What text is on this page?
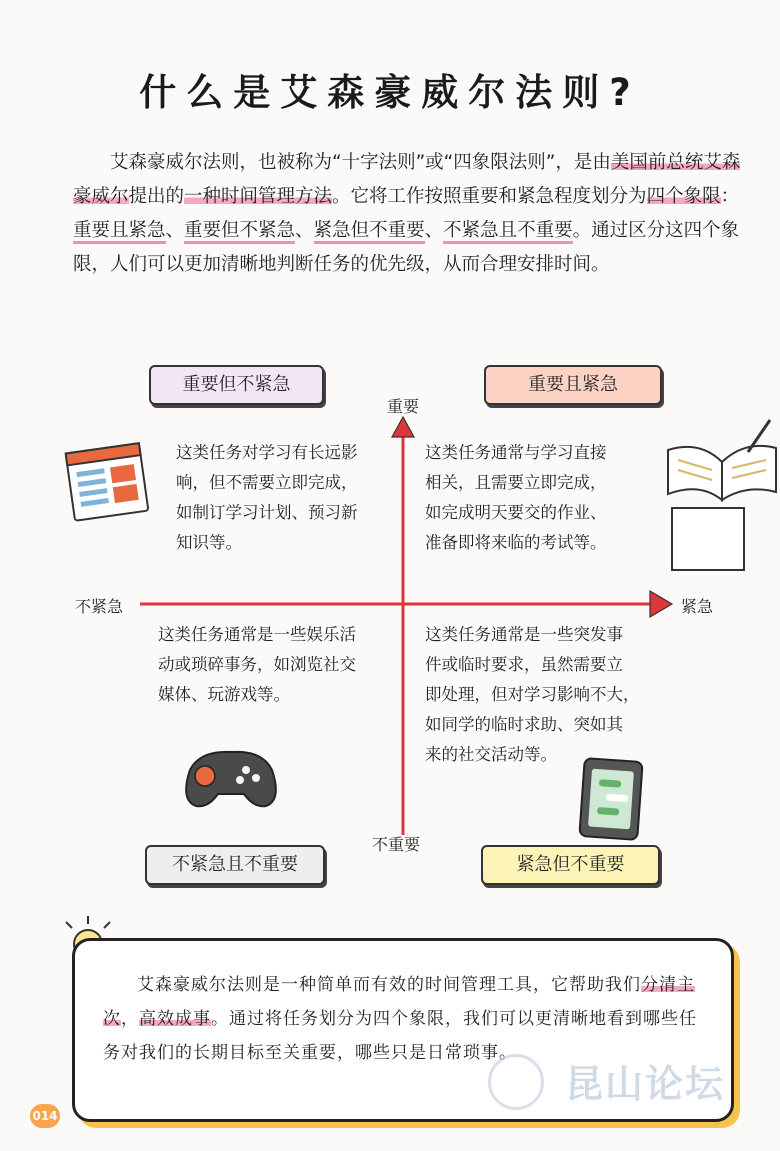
什么是艾森豪威尔法则?

艾森豪威尔法则，也被称为“十字法则”或“四象限法则”，是由美国前总统艾森豪威尔提出的一种时间管理方法。它将工作按照重要和紧急程度划分为四个象限：重要且紧急、重要但不紧急、紧急但不重要、不紧急且不重要。通过区分这四个象限，人们可以更加清晰地判断任务的优先级，从而合理安排时间。

重要但不紧急	重要且紧急
不紧急且不重要	紧急但不重要
重要
不重要
不紧急	紧急
这类任务对学习有长远影
响，但不需要立即完成，
如制订学习计划、预习新
知识等。
这类任务通常与学习直接
相关，且需要立即完成，
如完成明天要交的作业、
准备即将来临的考试等。
这类任务通常是一些娱乐活
动或琐碎事务，如浏览社交
媒体、玩游戏等。
这类任务通常是一些突发事
件或临时要求，虽然需要立
即处理，但对学习影响不大，
如同学的临时求助、突如其
来的社交活动等。

艾森豪威尔法则是一种简单而有效的时间管理工具，它帮助我们分清主次，高效成事。通过将任务划分为四个象限，我们可以更清晰地看到哪些任务对我们的长期目标至关重要，哪些只是日常琐事。

014
昆山论坛
